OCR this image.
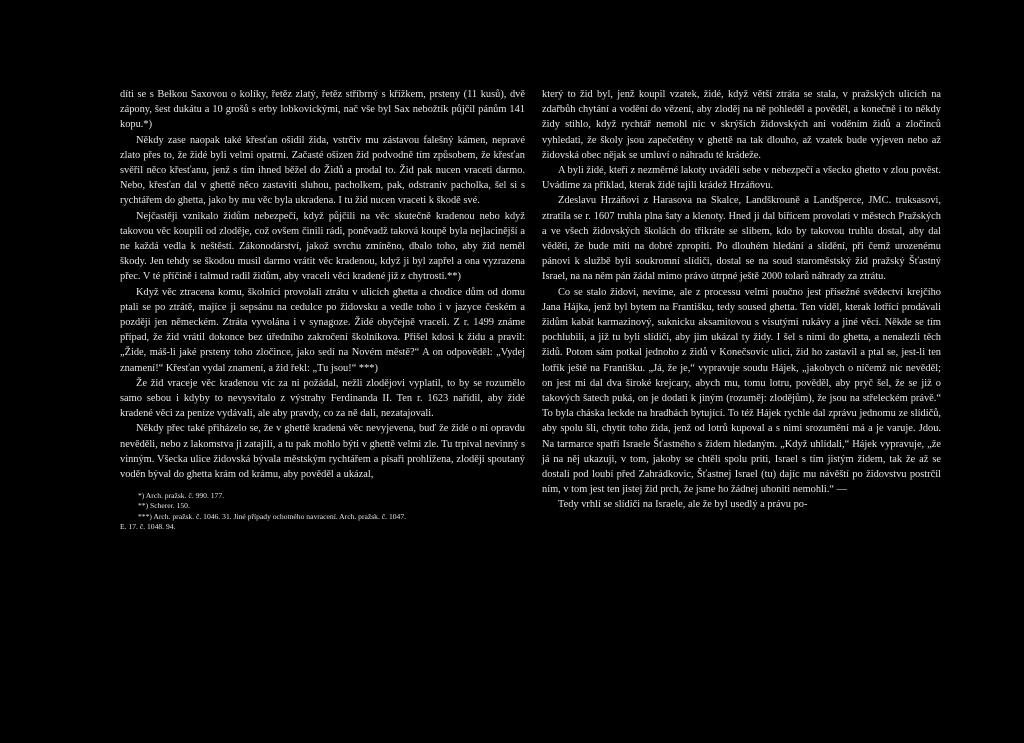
díti se s Bełkou Saxovou o kolíky, řetěz zlatý, řetěz stříbrný s křížkem, prsteny (11 kusů), dvě zápony, šest dukátu a 10 grošů s erby lobkovickými, nač vše byl Sax nebožtík půjčil pánům 141 kopu.*)

Někdy zase naopak také křesťan ošidil žida, vstrčiv mu zástavou falešný kámen, nepravé zlato přes to, že židé byli velmi opatrni. Začasté ošizen žid podvodně tím způsobem, že křesťan svěřil něco křesťanu, jenž s tím ihned běžel do Židů a prodal to. Žid pak nucen vraceti darmo. Nebo, křesťan dal v ghettě něco zastaviti sluhou, pacholkem, pak, odstraniv pacholka, šel si s rychtářem do ghetta, jako by mu věc byla ukradena. I tu žid nucen vraceti k škodě své.

Nejčastěji vznikalo židům nebezpečí, když půjčili na věc skutečně kradenou nebo když takovou věc koupili od zloděje, což ovšem činili rádi, poněvadž taková koupě byla nejlacinější a ne každá vedla k neštěstí. Zákonodárství, jakož svrchu zmíněno, dbalo toho, aby žid neměl škody. Jen tehdy se škodou musil darmo vrátit věc kradenou, když ji byl zapřel a ona vyzrazena přec. V té příčině i talmud radil židům, aby vraceli věci kradené již z chytrosti.**)

Když věc ztracena komu, školníci provolali ztrátu v ulicích ghetta a chodíce dům od domu ptali se po ztrátě, majíce ji sepsánu na cedulce po židovsku a vedle toho i v jazyce českém a později jen německém. Ztráta vyvolána i v synagoze. Židé obyčejně vraceli. Z r. 1499 známe případ, že žid vrátil dokonce bez úředního zakročení školníkova. Přišel kdosi k židu a pravil: „Žide, máš-li jaké prsteny toho zločince, jako sedí na Novém městě?“ A on odpověděl: „Vydej znamení!“ Křesťan vydal znamení, a žid řekl: „Tu jsou!“ ***)

Že žid vraceje věc kradenou víc za ni požádal, nežli zlodějovi vyplatil, to by se rozumělo samo sebou i kdyby to nevysvítalo z výstrahy Ferdinanda II. Ten r. 1623 nařídil, aby židé kradené věci za peníze vydávali, ale aby pravdy, co za ně dali, nezatajovali.

Někdy přec také přiházelo se, že v ghettě kradená věc nevyjevena, buď že židé o ní opravdu nevěděli, nebo z lakomstva ji zatajili, a tu pak mohlo býti v ghettě velmi zle. Tu trpíval nevinný s vinným. Všecka ulice židovská bývala městským rychtářem a písaři prohlížena, zloději spoutaný voděn býval do ghetta krám od krámu, aby pověděl a ukázal,

*) Arch. pražsk. č. 990. 177.
**) Scherer. 150.
***) Arch. pražsk. č. 1046. 31. Jiné případy ochotného navracení. Arch. pražsk. č. 1047.
E. 17. č. 1048. 94.

který to žid byl, jenž koupil vzatek, židé, když větší ztráta se stala, v pražských ulicích na zdařbůh chytání a vodění do vězení, aby zloděj na ně pohleděl a pověděl, a konečně i to někdy židy stihlo, když rychtář nemohl nic v skrýších židovských ani voděním židů a zločinců vyhledati, že školy jsou zapečetěny v ghettě na tak dlouho, až vzatek bude vyjeven nebo až židovská obec nějak se umluví o náhradu té krádeže.

A byli židé, kteří z nezměrné lakoty uváděli sebe v nebezpečí a všecko ghetto v zlou pověst. Uvádíme za příklad, kterak židé tajili krádež Hrzáňovu.

Zdeslavu Hrzáňovi z Harasova na Skalce, Landškrouně a Landšperce, JMC. truksasovi, ztratila se r. 1607 truhla plna šaty a klenoty. Hned ji dal biřicem provolati v městech Pražských a ve všech židovských školách do třikráte se slibem, kdo by takovou truhlu dostal, aby dal věděti, že bude míti na dobré zpropiti. Po dlouhém hledání a slídění, při čemž urozenému pánovi k službě byli soukromní slídiči, dostal se na soud staroměstský žid pražský Šťastný Israel, na na něm pán žádal mimo právo útrpné ještě 2000 tolarů náhrady za ztrátu.

Co se stalo židovi, nevíme, ale z processu velmi poučno jest přísežné svědectví krejčího Jana Hájka, jenž byl bytem na Františku, tedy soused ghetta. Ten viděl, kterak lotřící prodávali židům kabát karmazinový, suknicku aksamitovou s visutými rukávy a jiné věci. Někde se tím pochlubili, a již tu byli slídiči, aby jim ukázal ty židy. I šel s nimi do ghetta, a nenalezli těch židů. Potom sám potkal jednoho z židů v Konečsovic ulici, žid ho zastavil a ptal se, jest-li ten lotřík ještě na Františku. „Já, že je,“ vypravuje soudu Hájek, „jakobych o ničemž nic nevěděl; on jest mi dal dva široké krejcary, abych mu, tomu lotru, pověděl, aby pryč šel, že se již o takových šatech puká, on je dodati k jiným (rozuměj: zlodějům), že jsou na střeleckém právě.“ To byla cháska leckde na hradbách bytující. To též Hájek rychle dal zprávu jednomu ze slídičů, aby spolu šli, chytit toho žida, jenž od lotrů kupoval a s nimi srozumění má a je varuje. Jdou. Na tarmarce spatří Israele Šťastného s židem hledaným. „Když uhlídali,“ Hájek vypravuje, „že já na něj ukazuji, v tom, jakoby se chtěli spolu priti, Israel s tím jistým židem, tak že až se dostali pod loubí před Zahrádkovic, Šťastnej Israel (tu) dajíc mu návěští po židovstvu postrčil ním, v tom jest ten jistej žid prch, že jsme ho žádnej uhoniti nemohli.“ —

Tedy vrhlí se slídiči na Israele, ale že byl usedlý a právu po-
